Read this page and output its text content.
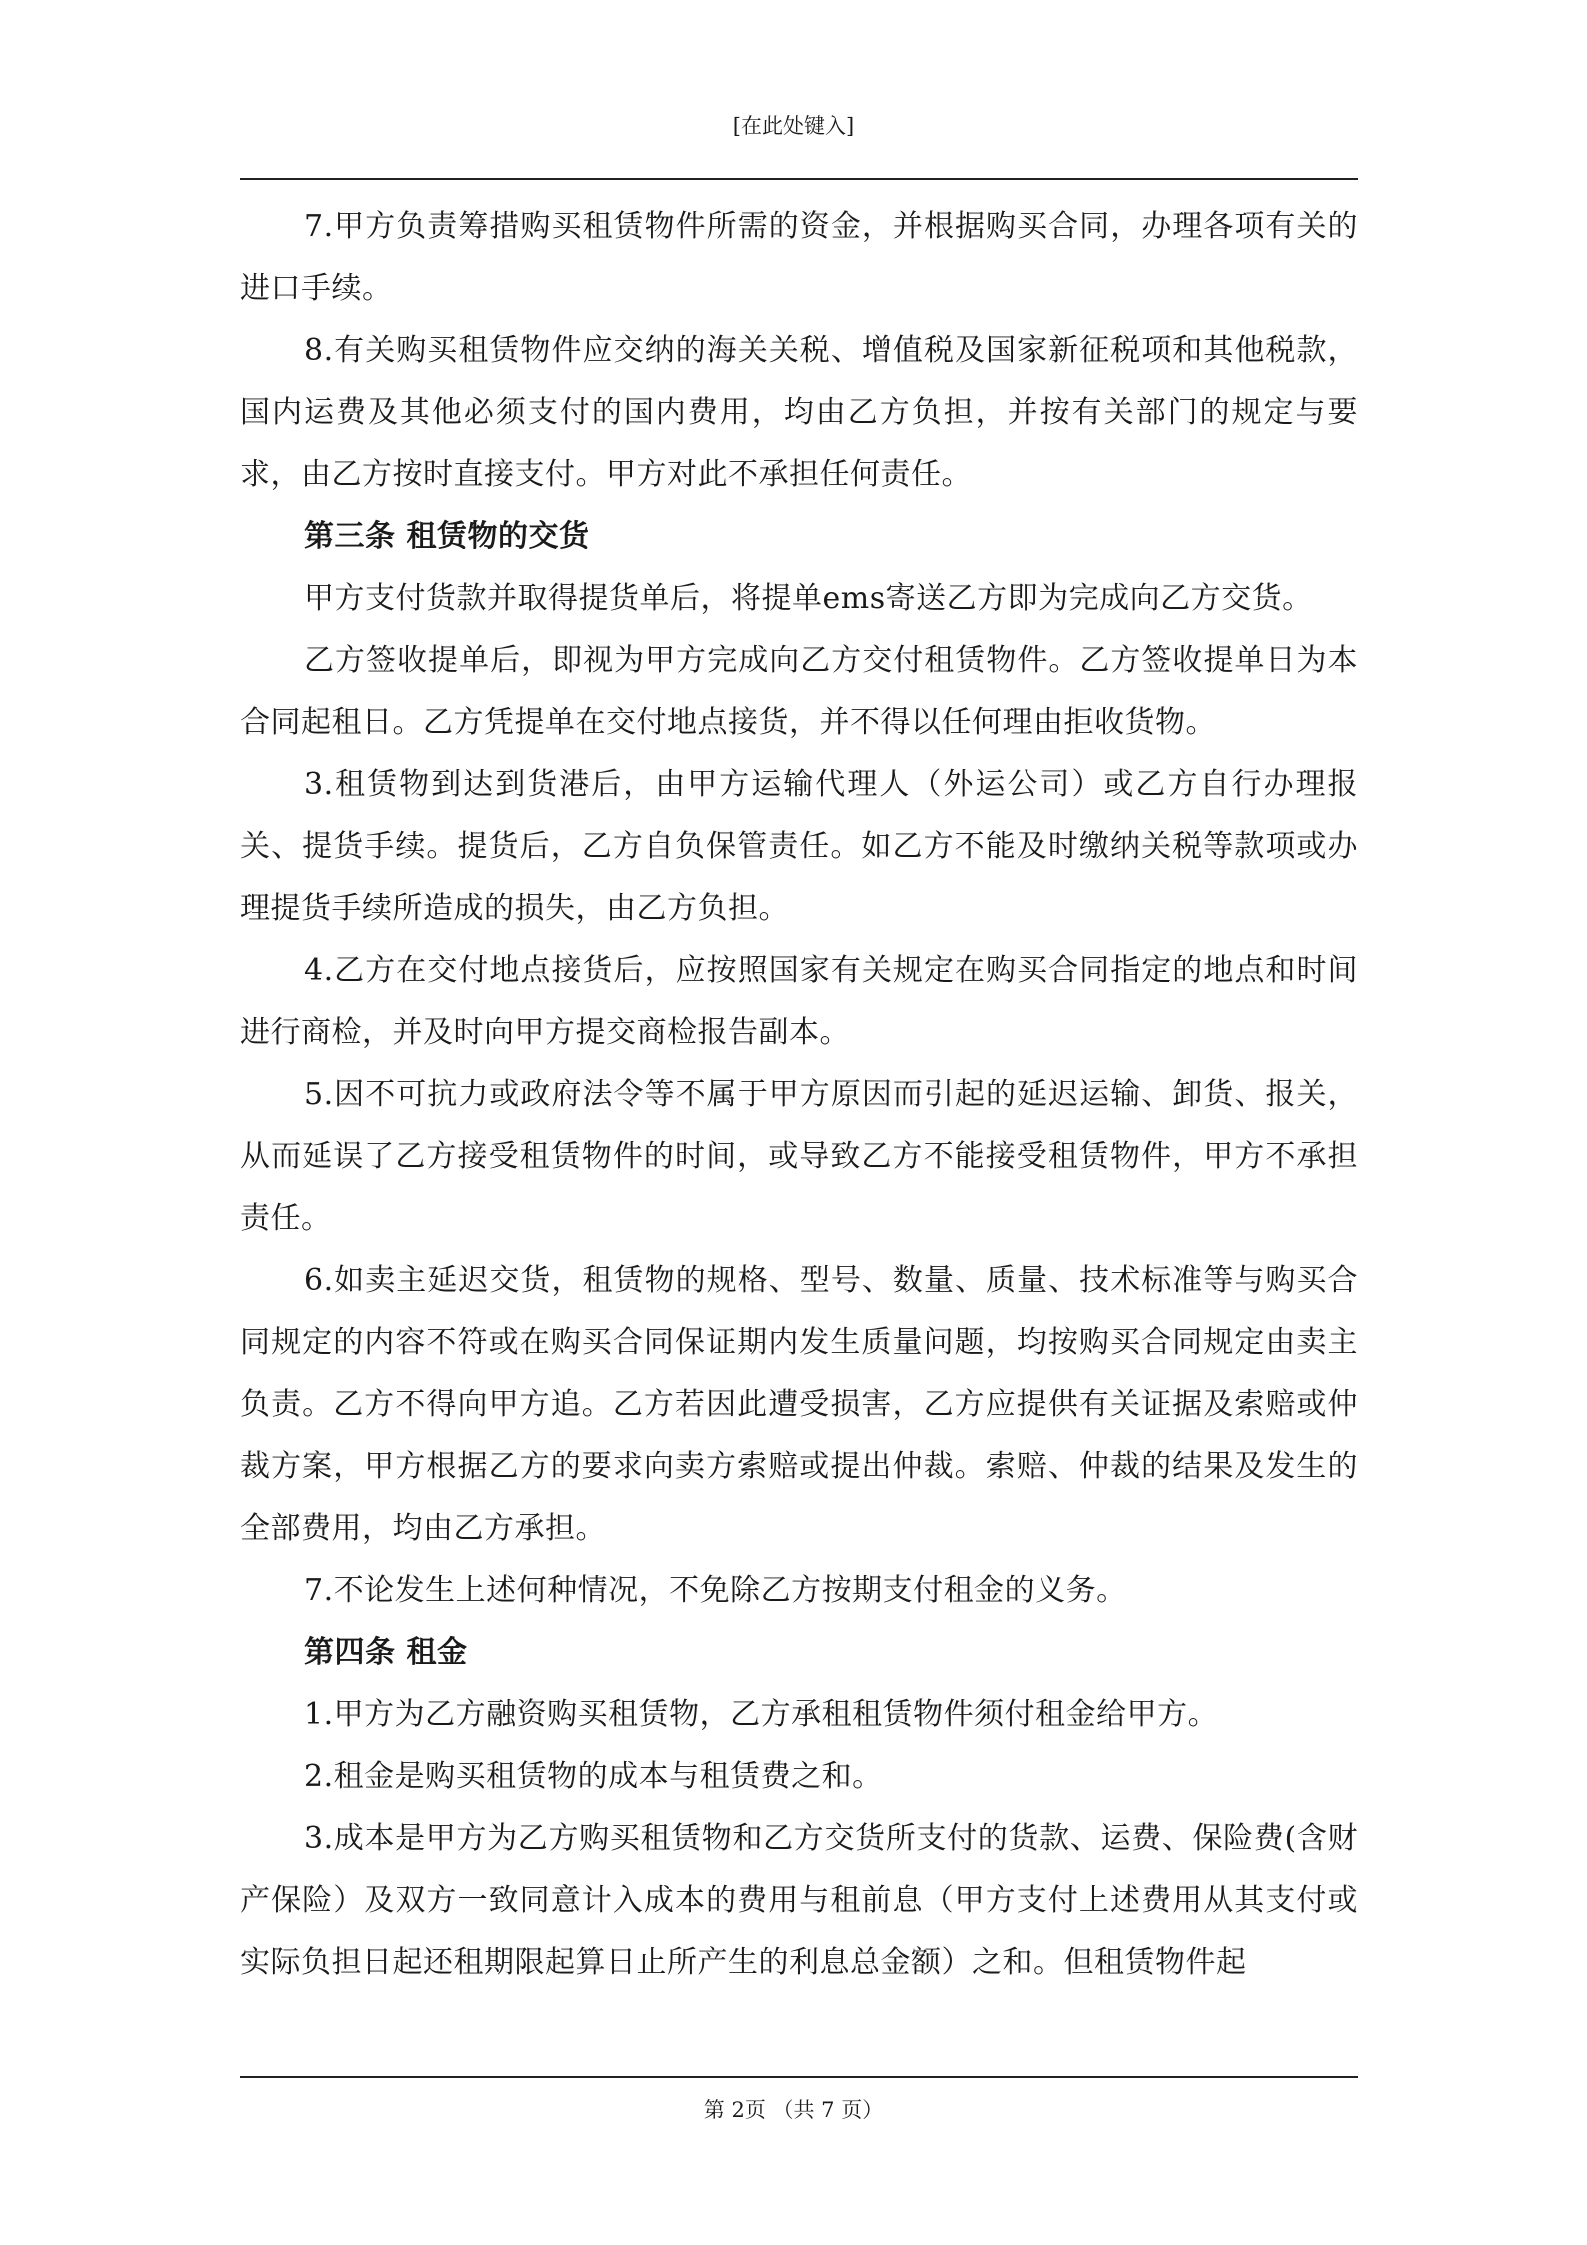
[在此处键入]

7.甲方负责筹措购买租赁物件所需的资金，并根据购买合同，办理各项有关的进口手续。

8.有关购买租赁物件应交纳的海关关税、增值税及国家新征税项和其他税款，国内运费及其他必须支付的国内费用，均由乙方负担，并按有关部门的规定与要求，由乙方按时直接支付。甲方对此不承担任何责任。

第三条 租赁物的交货

甲方支付货款并取得提货单后，将提单ems寄送乙方即为完成向乙方交货。

乙方签收提单后，即视为甲方完成向乙方交付租赁物件。乙方签收提单日为本合同起租日。乙方凭提单在交付地点接货，并不得以任何理由拒收货物。

3.租赁物到达到货港后，由甲方运输代理人（外运公司）或乙方自行办理报关、提货手续。提货后，乙方自负保管责任。如乙方不能及时缴纳关税等款项或办理提货手续所造成的损失，由乙方负担。

4.乙方在交付地点接货后，应按照国家有关规定在购买合同指定的地点和时间进行商检，并及时向甲方提交商检报告副本。

5.因不可抗力或政府法令等不属于甲方原因而引起的延迟运输、卸货、报关，从而延误了乙方接受租赁物件的时间，或导致乙方不能接受租赁物件，甲方不承担责任。

6.如卖主延迟交货，租赁物的规格、型号、数量、质量、技术标准等与购买合同规定的内容不符或在购买合同保证期内发生质量问题，均按购买合同规定由卖主负责。乙方不得向甲方追。乙方若因此遭受损害，乙方应提供有关证据及索赔或仲裁方案，甲方根据乙方的要求向卖方索赔或提出仲裁。索赔、仲裁的结果及发生的全部费用，均由乙方承担。

7.不论发生上述何种情况，不免除乙方按期支付租金的义务。

第四条 租金

1.甲方为乙方融资购买租赁物，乙方承租租赁物件须付租金给甲方。

2.租金是购买租赁物的成本与租赁费之和。

3.成本是甲方为乙方购买租赁物和乙方交货所支付的货款、运费、保险费(含财产保险）及双方一致同意计入成本的费用与租前息（甲方支付上述费用从其支付或实际负担日起还租期限起算日止所产生的利息总金额）之和。但租赁物件起

第 2页 （共 7 页）
